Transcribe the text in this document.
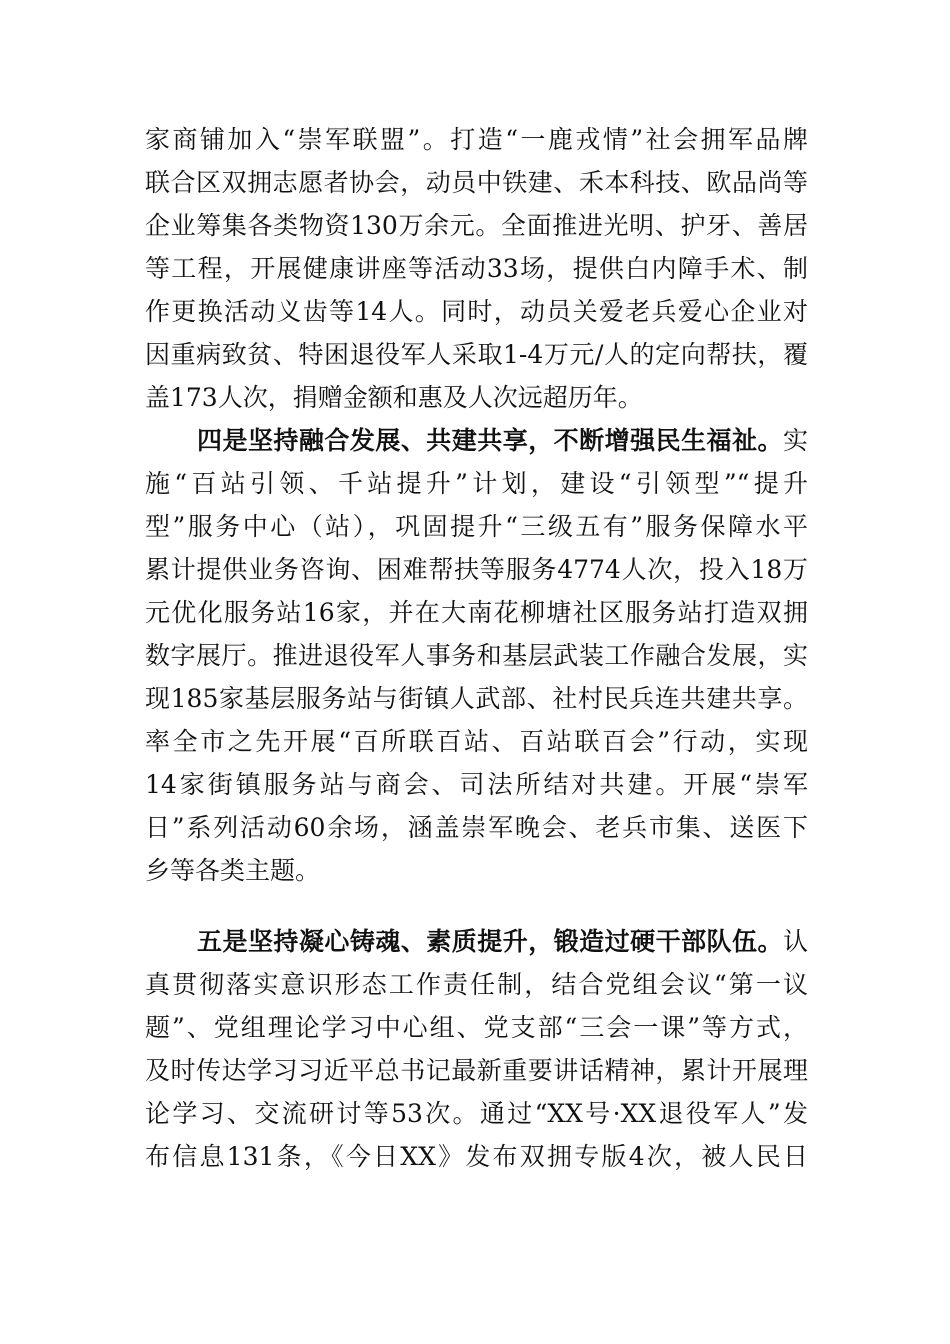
家商铺加入“崇军联盟”。打造“一鹿戎情”社会拥军品牌
联合区双拥志愿者协会，动员中铁建、禾本科技、欧品尚等
企业筹集各类物资130万余元。全面推进光明、护牙、善居
等工程，开展健康讲座等活动33场，提供白内障手术、制
作更换活动义齿等14人。同时，动员关爱老兵爱心企业对
因重病致贫、特困退役军人采取1-4万元/人的定向帮扶，覆
盖173人次，捐赠金额和惠及人次远超历年。
四是坚持融合发展、共建共享，不断增强民生福祉。实
施“百站引领、千站提升”计划，建设“引领型”“提升
型”服务中心（站），巩固提升“三级五有”服务保障水平
累计提供业务咨询、困难帮扶等服务4774人次，投入18万
元优化服务站16家，并在大南花柳塘社区服务站打造双拥
数字展厅。推进退役军人事务和基层武装工作融合发展，实
现185家基层服务站与街镇人武部、社村民兵连共建共享。
率全市之先开展“百所联百站、百站联百会”行动，实现
14家街镇服务站与商会、司法所结对共建。开展“崇军
日”系列活动60余场，涵盖崇军晚会、老兵市集、送医下
乡等各类主题。
五是坚持凝心铸魂、素质提升，锻造过硬干部队伍。认
真贯彻落实意识形态工作责任制，结合党组会议“第一议
题”、党组理论学习中心组、党支部“三会一课”等方式，
及时传达学习习近平总书记最新重要讲话精神，累计开展理
论学习、交流研讨等53次。通过“XX号·XX退役军人”发
布信息131条，《今日XX》发布双拥专版4次，被人民日
